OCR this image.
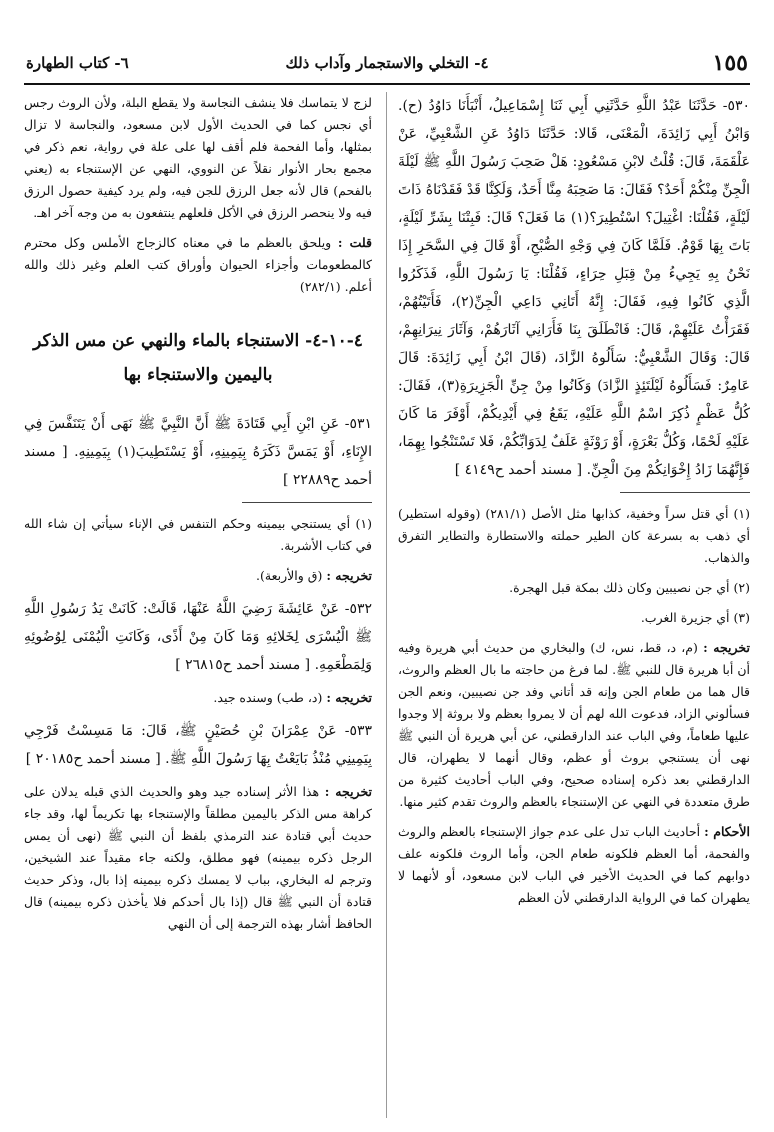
١٥٥
٤- التخلي والاستجمار وآداب ذلك
٦- كتاب الطهارة

٥٣٠- حَدَّثَنَا عَبْدُ اللَّهِ حَدَّثَنِي أَبِي ثَنَا إِسْمَاعِيلُ، أَنْبَأَنَا دَاوُدُ (ح). وَابْنُ أَبِي زَائِدَةَ، الْمَعْنَى، قَالا: حَدَّثَنَا دَاوُدُ عَنِ الشَّعْبِيِّ، عَنْ عَلْقَمَةَ، قَالَ: قُلْتُ لابْنِ مَسْعُودٍ: هَلْ صَحِبَ رَسُولَ اللَّهِ ﷺ لَيْلَةَ الْجِنِّ مِنْكُمْ أَحَدٌ؟ فَقَالَ: مَا صَحِبَهُ مِنَّا أَحَدٌ، وَلَكِنَّا قَدْ فَقَدْنَاهُ ذَاتَ لَيْلَةٍ، فَقُلْنَا: اغْتِيلَ؟ اسْتُطِيرَ؟(١) مَا فَعَلَ؟ قَالَ: فَبِتْنَا بِشَرِّ لَيْلَةٍ، بَاتَ بِهَا قَوْمٌ. فَلَمَّا كَانَ فِي وَجْهِ الصُّبْحِ، أَوْ قَالَ فِي السَّحَرِ إِذَا نَحْنُ بِهِ يَجِيءُ مِنْ قِبَلِ حِرَاءٍ، فَقُلْنَا: يَا رَسُولَ اللَّهِ، فَذَكَرُوا الَّذِي كَانُوا فِيهِ، فَقَالَ: إِنَّهُ أَتَانِي دَاعِي الْجِنِّ(٢)، فَأَتَيْتُهُمْ، فَقَرَأْتُ عَلَيْهِمْ، قَالَ: فَانْطَلَقَ بِنَا فَأَرَانِي آثَارَهُمْ، وَآثَارَ نِيرَانِهِمْ، قَالَ: وَقَالَ الشَّعْبِيُّ: سَأَلُوهُ الزَّادَ، (قَالَ ابْنُ أَبِي زَائِدَةَ: قَالَ عَامِرٌ: فَسَأَلُوهُ لَيْلَتَئِذٍ الزَّادَ) وَكَانُوا مِنْ جِنِّ الْجَزِيرَةِ(٣)، فَقَالَ: كُلُّ عَظْمٍ ذُكِرَ اسْمُ اللَّهِ عَلَيْهِ، يَقَعُ فِي أَيْدِيكُمْ، أَوْفَرَ مَا كَانَ عَلَيْهِ لَحْمًا، وَكُلُّ بَعْرَةٍ، أَوْ رَوْثَةٍ عَلَفٌ لِدَوَابِّكُمْ، فَلا تَسْتَنْجُوا بِهِمَا، فَإِنَّهُمَا زَادُ إِخْوَانِكُمْ مِنَ الْجِنِّ. [ مسند أحمد ح٤١٤٩ ]

(١) أي قتل سراً وخفية، كذابها مثل الأصل (٢٨١/١) (وقوله استطير) أي ذهب به بسرعة كان الطير حملته والاستطارة والتطاير التفرق والذهاب.

(٢) أي جن نصيبين وكان ذلك بمكة قبل الهجرة.

(٣) أي جزيرة الغرب.

تخريجه : (م، د، قط، نس، ك) والبخاري من حديث أبي هريرة وفيه أن أبا هريرة قال للنبي ﷺ. لما فرغ من حاجته ما بال العظم والروث، قال هما من طعام الجن وإنه قد أتاني وفد جن نصيبين، ونعم الجن فسألوني الزاد، فدعوت الله لهم أن لا يمروا بعظم ولا بروثة إلا وجدوا عليها طعاماً، وفي الباب عند الدارقطني، عن أبي هريرة أن النبي ﷺ نهى أن يستنجي بروث أو عظم، وقال أنهما لا يطهران، قال الدارقطني بعد ذكره إسناده صحيح، وفي الباب أحاديث كثيرة من طرق متعددة في النهي عن الإستنجاء بالعظم والروث تقدم كثير منها.

الأحكام : أحاديث الباب تدل على عدم جواز الإستنجاء بالعظم والروث والفحمة، أما العظم فلكونه طعام الجن، وأما الروث فلكونه علف دوابهم كما في الحديث الأخير في الباب لابن مسعود، أو لأنهما لا يطهران كما في الرواية الدارقطني لأن العظم

لزج لا يتماسك فلا ينشف النجاسة ولا يقطع البلة، ولأن الروث رجس أي نجس كما في الحديث الأول لابن مسعود، والنجاسة لا تزال بمثلها، وأما الفحمة فلم أقف لها على علة في رواية، نعم ذكر في مجمع بحار الأنوار نقلاً عن النووي، النهي عن الإستنجاء به (يعني بالفحم) قال لأنه جعل الرزق للجن فيه، ولم يرد كيفية حصول الرزق فيه ولا ينحصر الرزق في الأكل فلعلهم ينتفعون به من وجه آخر اهـ.

قلت : ويلحق بالعظم ما في معناه كالزجاج الأملس وكل محترم كالمطعومات وأجزاء الحيوان وأوراق كتب العلم وغير ذلك والله أعلم. (٢٨٢/١)

٤-١٠-٤- الاستنجاء بالماء والنهي عن مس الذكر باليمين والاستنجاء بها

٥٣١- عَنِ ابْنِ أَبِي قَتَادَةَ ﷺ أَنَّ النَّبِيَّ ﷺ نَهَى أَنْ يَتَنَفَّسَ فِي الإِنَاءِ، أَوْ يَمَسَّ ذَكَرَهُ بِيَمِينِهِ، أَوْ يَسْتَطِيبَ(١) بِيَمِينِهِ. [ مسند أحمد ح٢٢٨٨٩ ]

(١) أي يستنجي بيمينه وحكم التنفس في الإناء سيأتي إن شاء الله في كتاب الأشربة.

تخريجه : (ق والأربعة).

٥٣٢- عَنْ عَائِشَةَ رَضِيَ اللَّهُ عَنْهَا، قَالَتْ: كَانَتْ يَدُ رَسُولِ اللَّهِ ﷺ الْيُسْرَى لِخَلائِهِ وَمَا كَانَ مِنْ أَذًى، وَكَانَتِ الْيُمْنَى لِوُضُوئِهِ وَلِمَطْعَمِهِ. [ مسند أحمد ح٢٦٨١٥ ]

تخريجه : (د، طب) وسنده جيد.

٥٣٣- عَنْ عِمْرَانَ بْنِ حُصَيْنٍ ﷺ، قَالَ: مَا مَسِسْتُ فَرْجِي بِيَمِينِي مُنْذُ بَايَعْتُ بِهَا رَسُولَ اللَّهِ ﷺ. [ مسند أحمد ح٢٠١٨٥ ]

تخريجه : هذا الأثر إسناده جيد وهو والحديث الذي قبله يدلان على كراهة مس الذكر باليمين مطلقاً والإستنجاء بها تكريماً لها، وقد جاء حديث أبي قتادة عند الترمذي بلفظ أن النبي ﷺ (نهى أن يمس الرجل ذكره بيمينه) فهو مطلق، ولكنه جاء مقيداً عند الشيخين، وترجم له البخاري، بباب لا يمسك ذكره بيمينه إذا بال، وذكر حديث قتادة أن النبي ﷺ قال (إذا بال أحدكم فلا يأخذن ذكره بيمينه) قال الحافظ أشار بهذه الترجمة إلى أن النهي
